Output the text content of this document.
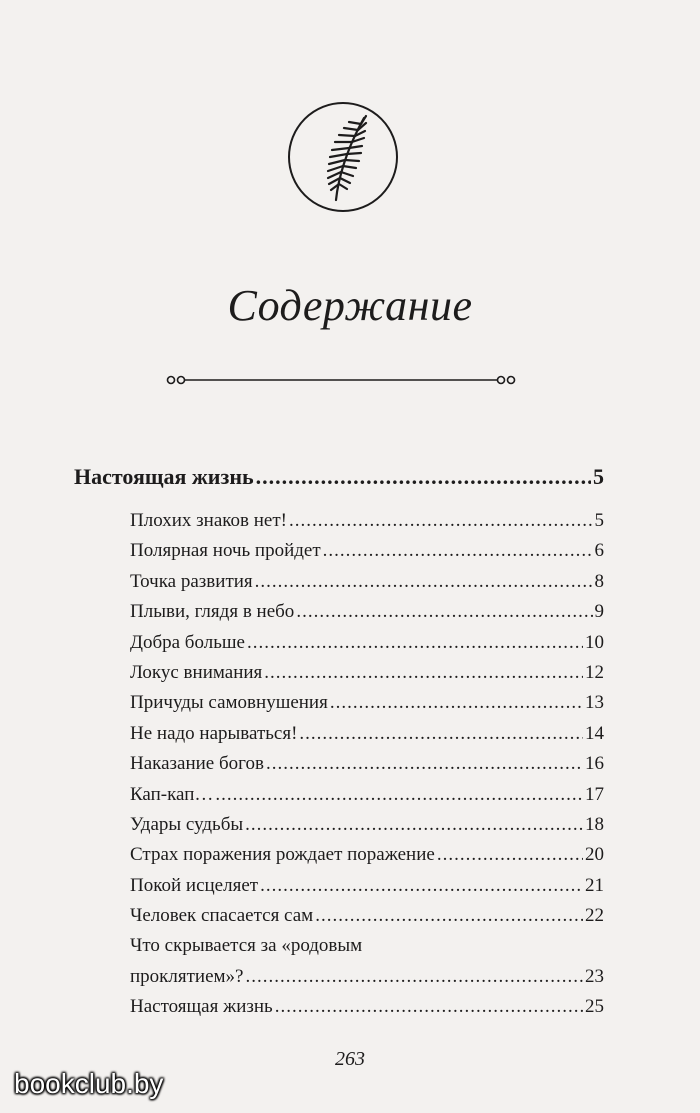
Содержание
Настоящая жизнь .....	5
Плохих знаков нет! .....	5
Полярная ночь пройдет .....	6
Точка развития .....	8
Плыви, глядя в небо .....	9
Добра больше .....	10
Локус внимания .....	12
Причуды самовнушения .....	13
Не надо нарываться! .....	14
Наказание богов .....	16
Кап-кап… .....	17
Удары судьбы .....	18
Страх поражения рождает поражение .....	20
Покой исцеляет .....	21
Человек спасается сам .....	22
Что скрывается за «родовым
проклятием»? .....	23
Настоящая жизнь .....	25
263
bookclub.by
